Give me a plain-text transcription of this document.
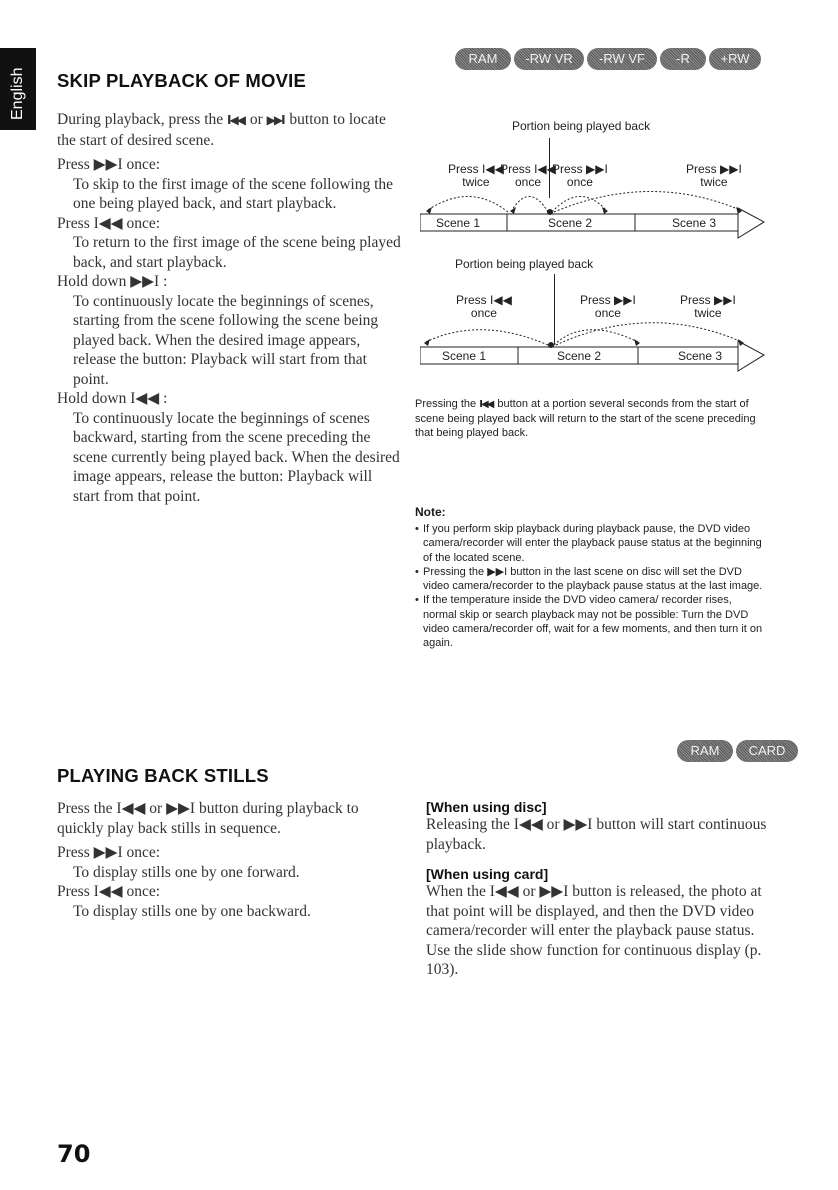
English SKIP PLAYBACK OF MOVIE
RAM	-RW VR	-RW VF	-R	+RW

During playback, press the I◀◀ or ▶▶I button to locate the start of desired scene.

Press ▶▶I once:

To skip to the first image of the scene following the one being played back, and start playback.

Press I◀◀ once:

To return to the first image of the scene being played back, and start playback.

Hold down ▶▶I :

To continuously locate the beginnings of scenes, starting from the scene following the scene being played back. When the desired image appears, release the button: Playback will start from that point.

Hold down I◀◀ :

To continuously locate the beginnings of scenes backward, starting from the scene preceding the scene currently being played back. When the desired image appears, release the button: Playback will start from that point.

Portion being played back
Press I◀◀
twice
Press I◀◀
once
Press ▶▶I
once
Press ▶▶I
twice
Scene 1	Scene 2	Scene 3
Portion being played back
Press I◀◀
once
Press ▶▶I
once
Press ▶▶I
twice
Scene 1	Scene 2	Scene 3
Pressing the I◀◀ button at a portion several seconds from the start of scene being played back will return to the start of the scene preceding that being played back.
Note:
• If you perform skip playback during playback pause, the DVD video camera/recorder will enter the playback pause status at the beginning of the located scene.
• Pressing the ▶▶I button in the last scene on disc will set the DVD video camera/recorder to the playback pause status at the last image.
• If the temperature inside the DVD video camera/ recorder rises, normal skip or search playback may not be possible: Turn the DVD video camera/recorder off, wait for a few moments, and then turn it on again.
RAM	CARD
PLAYING BACK STILLS

Press the I◀◀ or ▶▶I button during playback to quickly play back stills in sequence.

Press ▶▶I once:

To display stills one by one forward.

Press I◀◀ once:

To display stills one by one backward.

[When using disc]

Releasing the I◀◀ or ▶▶I button will start continuous playback.

[When using card]

When the I◀◀ or ▶▶I button is released, the photo at that point will be displayed, and then the DVD video camera/recorder will enter the playback pause status.

Use the slide show function for continuous display (p. 103).

70
